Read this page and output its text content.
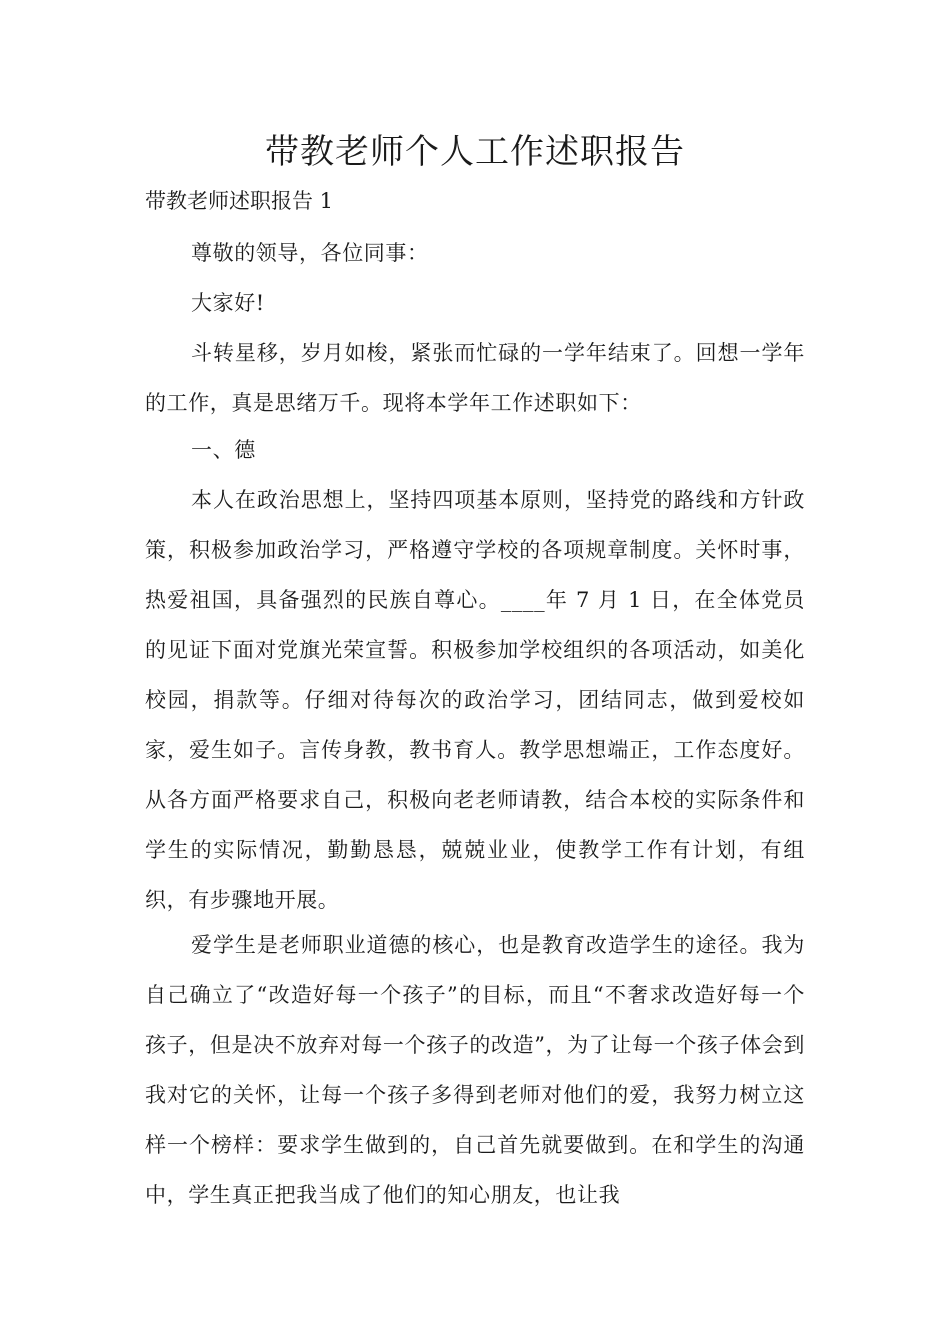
带教老师个人工作述职报告

带教老师述职报告 1

尊敬的领导，各位同事：

大家好!

斗转星移，岁月如梭，紧张而忙碌的一学年结束了。回想一学年的工作，真是思绪万千。现将本学年工作述职如下：

一、德

本人在政治思想上，坚持四项基本原则，坚持党的路线和方针政策，积极参加政治学习，严格遵守学校的各项规章制度。关怀时事，热爱祖国，具备强烈的民族自尊心。____年 7 月 1 日，在全体党员的见证下面对党旗光荣宣誓。积极参加学校组织的各项活动，如美化校园，捐款等。仔细对待每次的政治学习，团结同志，做到爱校如家，爱生如子。言传身教，教书育人。教学思想端正，工作态度好。从各方面严格要求自己，积极向老老师请教，结合本校的实际条件和学生的实际情况，勤勤恳恳，兢兢业业，使教学工作有计划，有组织，有步骤地开展。

爱学生是老师职业道德的核心，也是教育改造学生的途径。我为自己确立了“改造好每一个孩子”的目标，而且“不奢求改造好每一个孩子，但是决不放弃对每一个孩子的改造”，为了让每一个孩子体会到我对它的关怀，让每一个孩子多得到老师对他们的爱，我努力树立这样一个榜样：要求学生做到的，自己首先就要做到。在和学生的沟通中，学生真正把我当成了他们的知心朋友，也让我
